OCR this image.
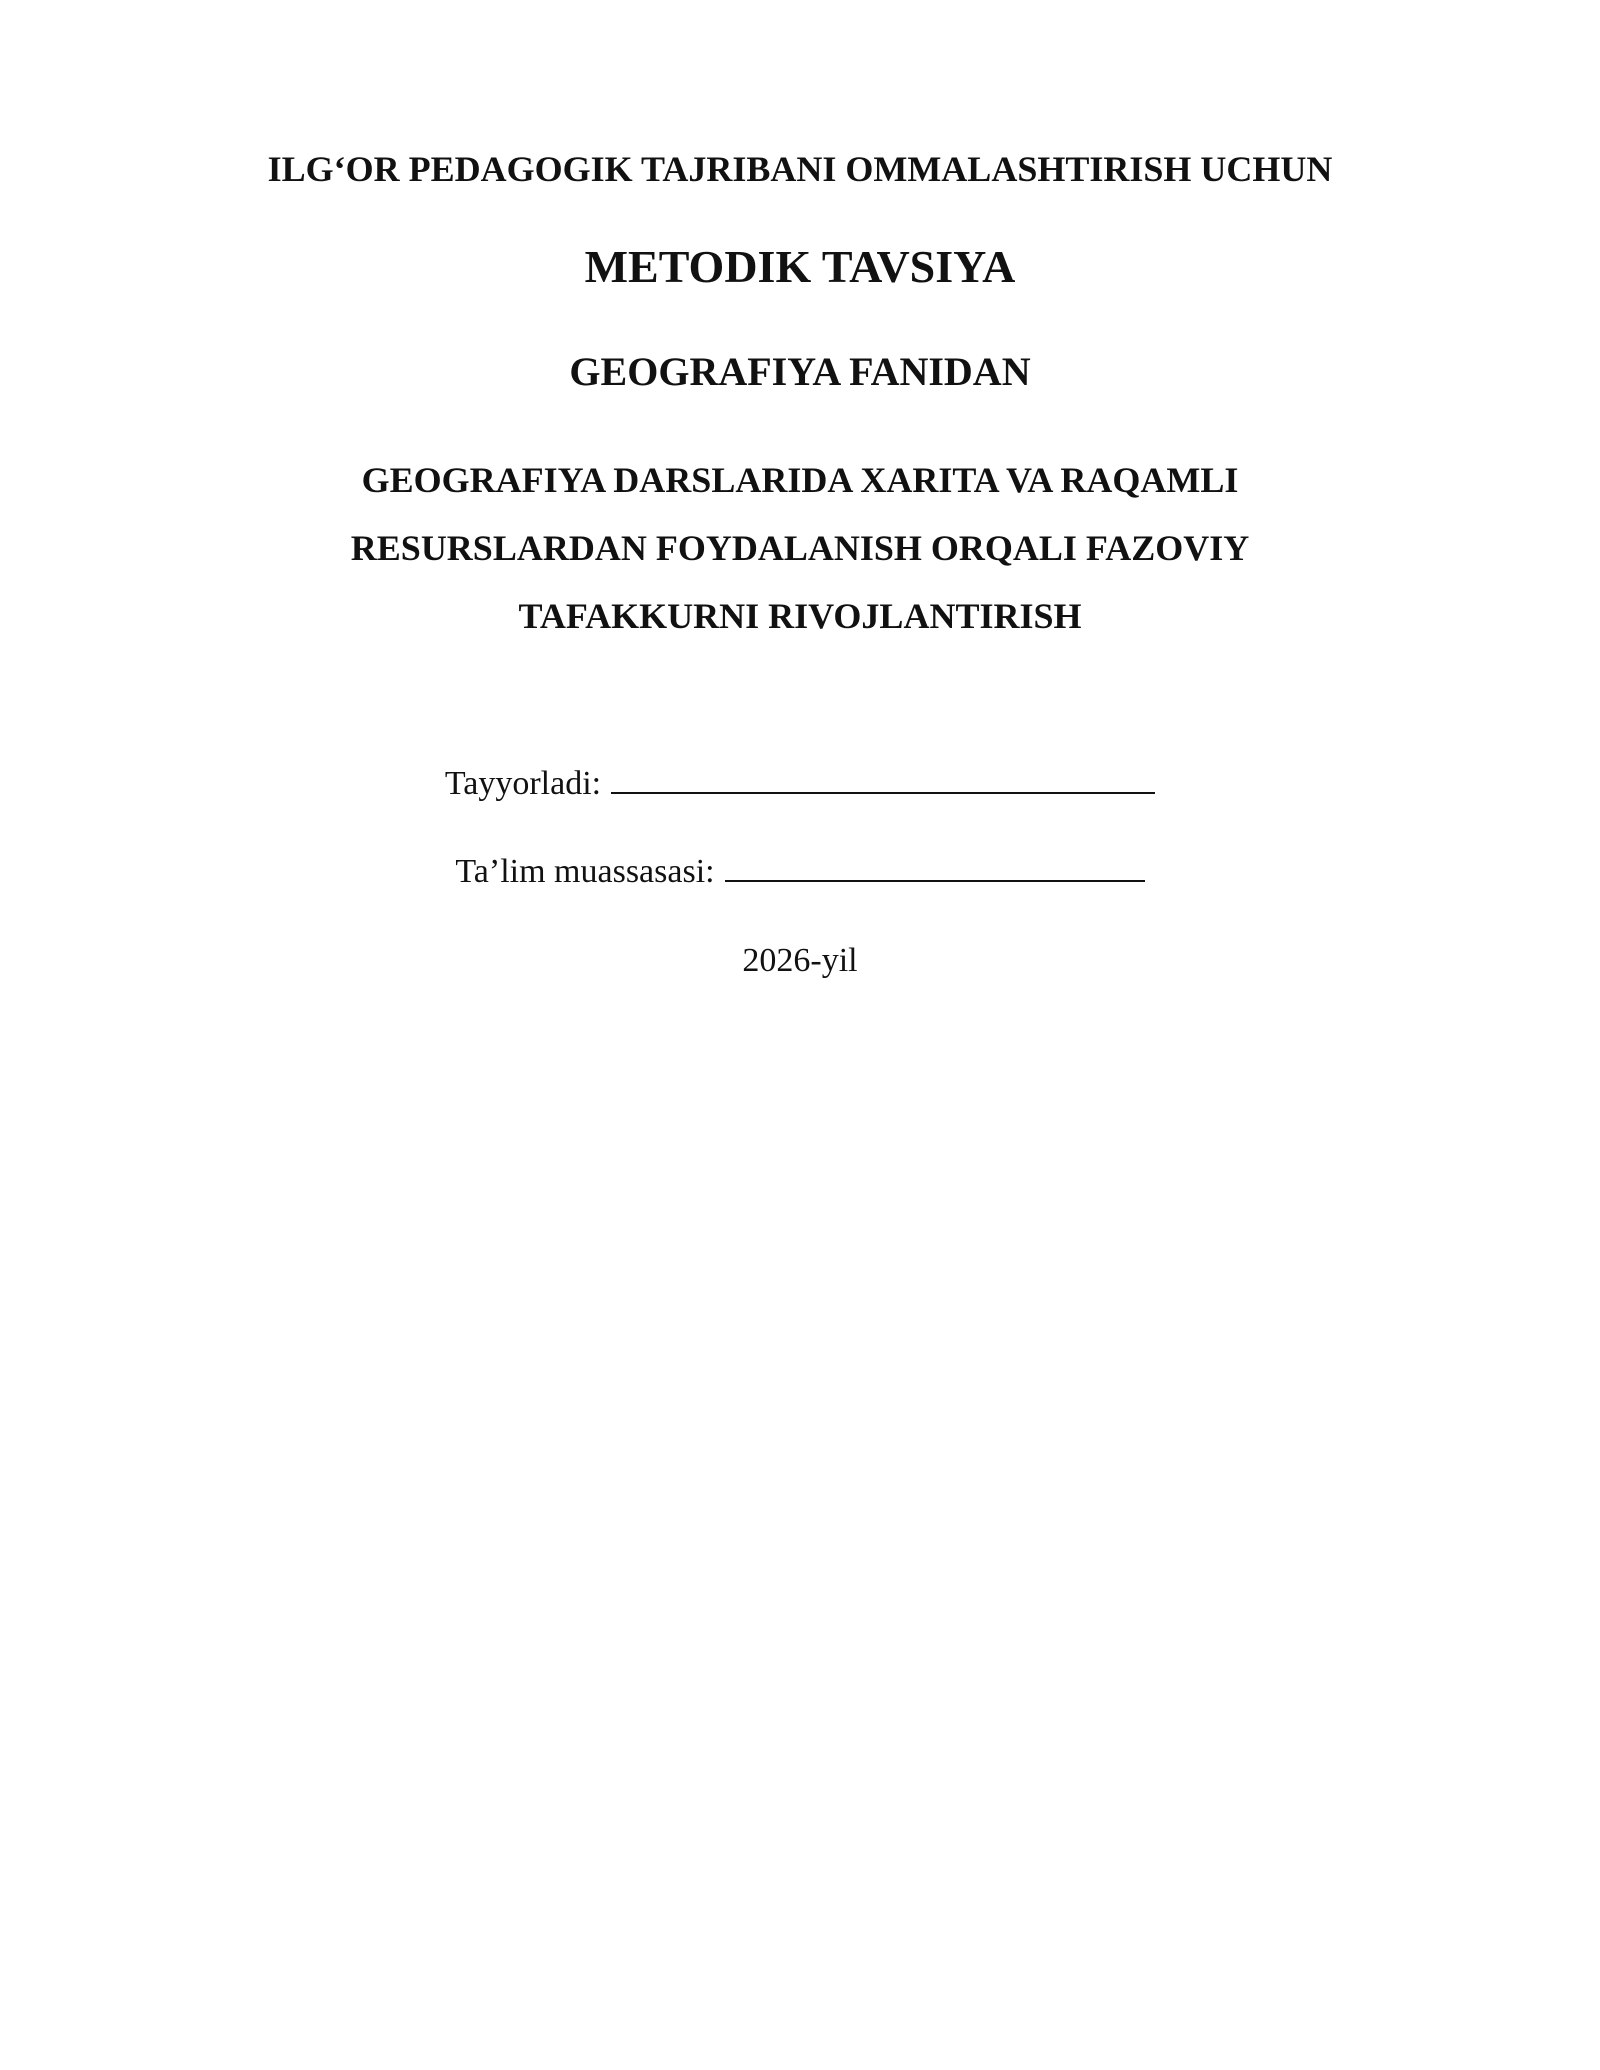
ILG‘OR PEDAGOGIK TAJRIBANI OMMALASHTIRISH UCHUN

METODIK TAVSIYA

GEOGRAFIYA FANIDAN

GEOGRAFIYA DARSLARIDA XARITA VA RAQAMLI
RESURSLARDAN FOYDALANISH ORQALI FAZOVIY
TAFAKKURNI RIVOJLANTIRISH
Tayyorladi:
Ta’lim muassasasi:

2026-yil
